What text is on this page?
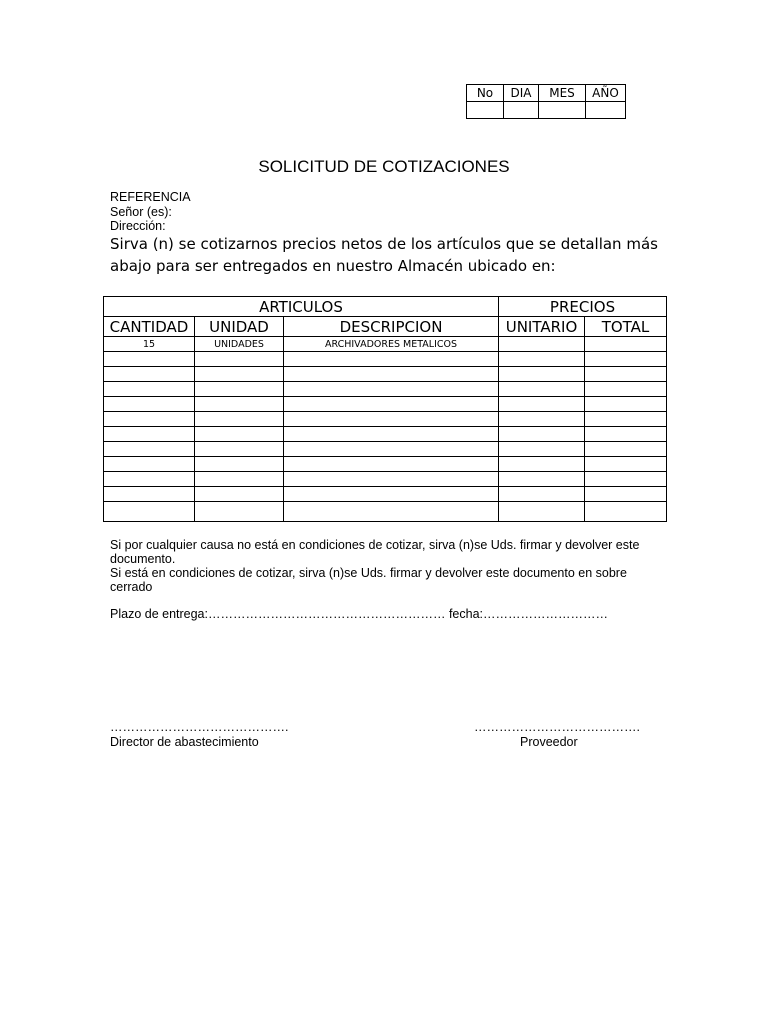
No	DIA	MES	AÑO

SOLICITUD DE COTIZACIONES
REFERENCIA
Señor (es):
Dirección:
Sirva (n) se cotizarnos precios netos de los artículos que se detallan más abajo para ser entregados en nuestro Almacén ubicado en:
ARTICULOS			PRECIOS	
CANTIDAD	UNIDAD	DESCRIPCION	UNITARIO	TOTAL
15	UNIDADES	ARCHIVADORES METALICOS		

Si por cualquier causa no está en condiciones de cotizar, sirva (n)se Uds. firmar y devolver este documento.
Si está en condiciones de cotizar, sirva (n)se Uds. firmar y devolver este documento en sobre cerrado
Plazo de entrega:………………………………………………… fecha:…………………………
…………………………………….
Director de abastecimiento
………………………………….
Proveedor
